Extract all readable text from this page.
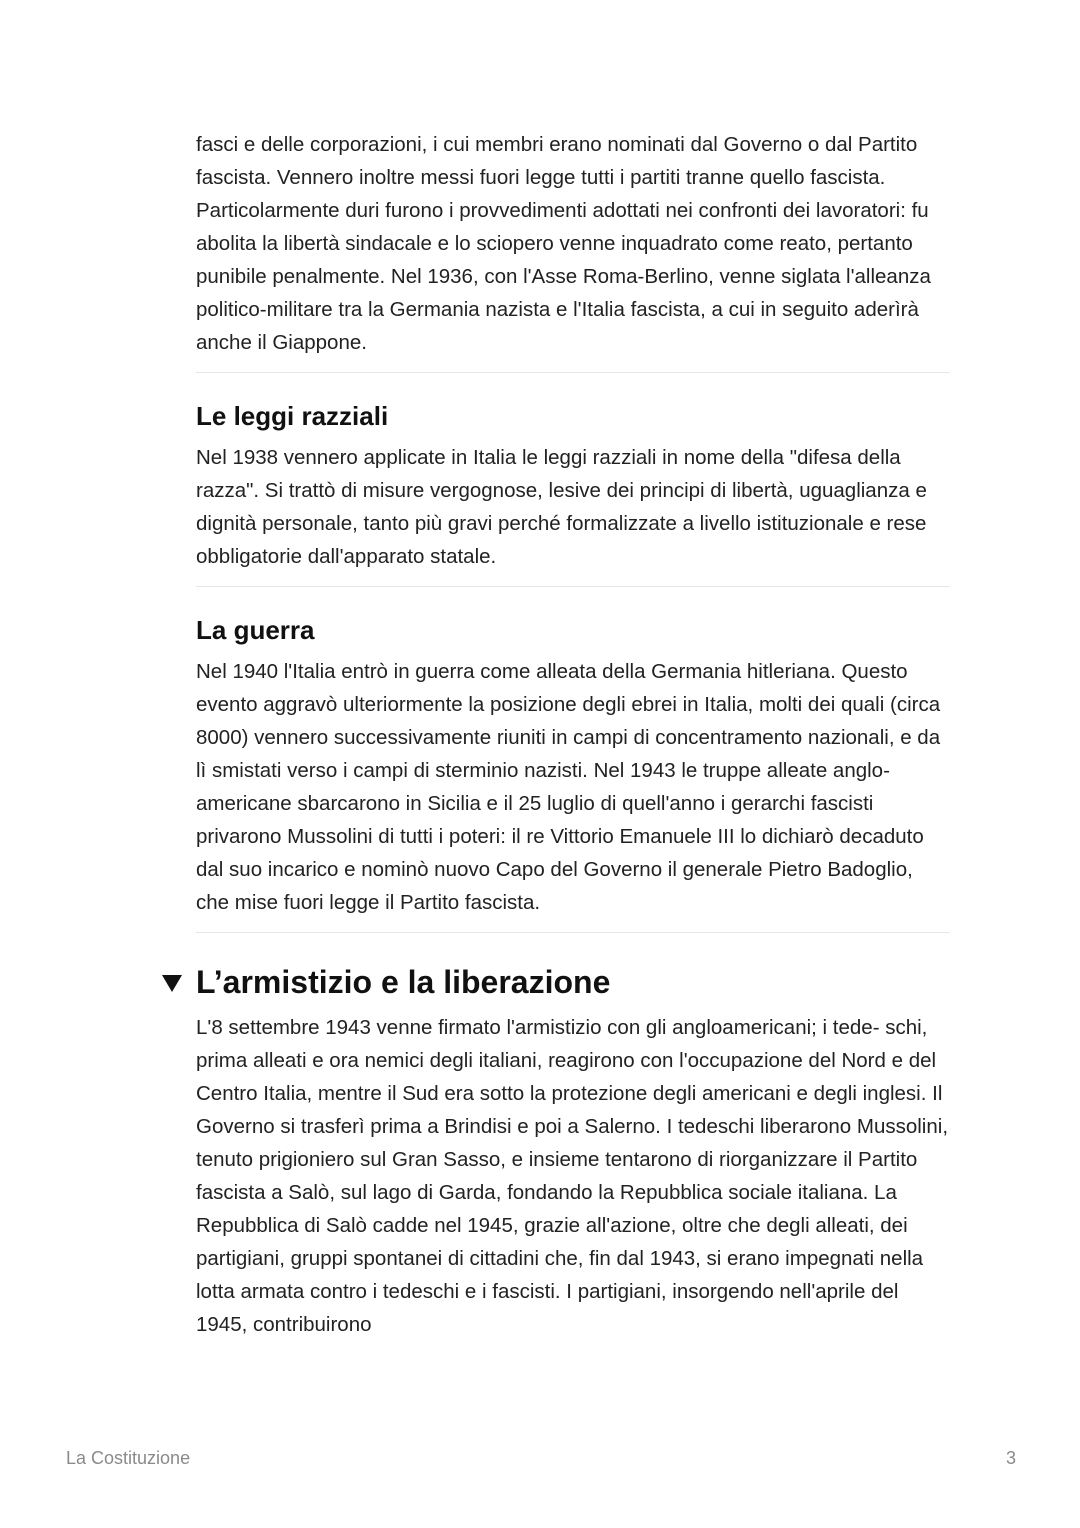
fasci e delle corporazioni, i cui membri erano nominati dal Governo o dal Partito fascista. Vennero inoltre messi fuori legge tutti i partiti tranne quello fascista. Particolarmente duri furono i provvedimenti adottati nei confronti dei lavoratori: fu abolita la libertà sindacale e lo sciopero venne inquadrato come reato, pertanto punibile penalmente. Nel 1936, con l'Asse Roma-Berlino, venne siglata l'alleanza politico-militare tra la Germania nazista e l'Italia fascista, a cui in seguito aderìrà anche il Giappone.

Le leggi razziali

Nel 1938 vennero applicate in Italia le leggi razziali in nome della "difesa della razza". Si trattò di misure vergognose, lesive dei principi di libertà, uguaglianza e dignità personale, tanto più gravi perché formalizzate a livello istituzionale e rese obbligatorie dall'apparato statale.

La guerra

Nel 1940 l'Italia entrò in guerra come alleata della Germania hitleriana. Questo evento aggravò ulteriormente la posizione degli ebrei in Italia, molti dei quali (circa 8000) vennero successivamente riuniti in campi di concentramento nazionali, e da lì smistati verso i campi di sterminio nazisti. Nel 1943 le truppe alleate anglo-americane sbarcarono in Sicilia e il 25 luglio di quell'anno i gerarchi fascisti privarono Mussolini di tutti i poteri: il re Vittorio Emanuele III lo dichiarò decaduto dal suo incarico e nominò nuovo Capo del Governo il generale Pietro Badoglio, che mise fuori legge il Partito fascista.

L’armistizio e la liberazione

L'8 settembre 1943 venne firmato l'armistizio con gli angloamericani; i tede- schi, prima alleati e ora nemici degli italiani, reagirono con l'occupazione del Nord e del Centro Italia, mentre il Sud era sotto la protezione degli americani e degli inglesi. Il Governo si trasferì prima a Brindisi e poi a Salerno. I tedeschi liberarono Mussolini, tenuto prigioniero sul Gran Sasso, e insieme tentarono di riorganizzare il Partito fascista a Salò, sul lago di Garda, fondando la Repubblica sociale italiana. La Repubblica di Salò cadde nel 1945, grazie all'azione, oltre che degli alleati, dei partigiani, gruppi spontanei di cittadini che, fin dal 1943, si erano impegnati nella lotta armata contro i tedeschi e i fascisti. I partigiani, insorgendo nell'aprile del 1945, contribuirono

La Costituzione	3
